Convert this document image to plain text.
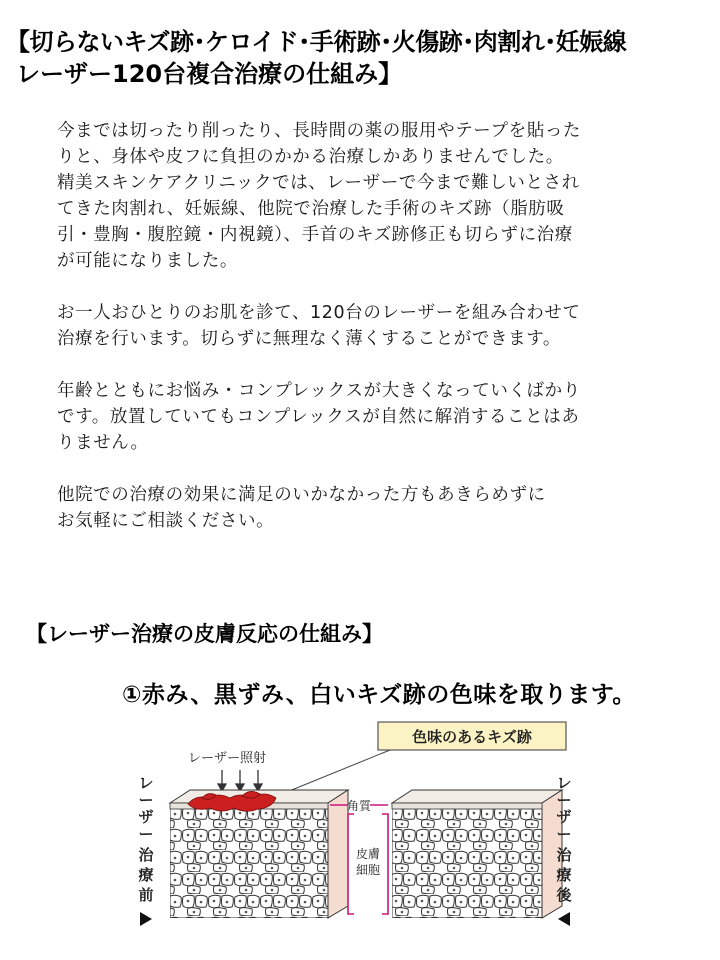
【切らないキズ跡･ケロイド･手術跡･火傷跡･肉割れ･妊娠線
レーザー120台複合治療の仕組み】

今までは切ったり削ったり、長時間の薬の服用やテープを貼った
りと、身体や皮フに負担のかかる治療しかありませんでした。
精美スキンケアクリニックでは、レーザーで今まで難しいとされ
てきた肉割れ、妊娠線、他院で治療した手術のキズ跡（脂肪吸
引・豊胸・腹腔鏡・内視鏡）、手首のキズ跡修正も切らずに治療
が可能になりました。

お一人おひとりのお肌を診て、120台のレーザーを組み合わせて
治療を行います。切らずに無理なく薄くすることができます。

年齢とともにお悩み・コンプレックスが大きくなっていくばかり
です。放置していてもコンプレックスが自然に解消することはあ
りません。

他院での治療の効果に満足のいかなかった方もあきらめずに
お気軽にご相談ください。

【レーザー治療の皮膚反応の仕組み】
①赤み、黒ずみ、白いキズ跡の色味を取ります。
色味のあるキズ跡
レーザー照射
角質
皮膚
細胞
レ
ー
ザ
ー
治
療
前
レ
ー
ザ
ー
治
療
後
